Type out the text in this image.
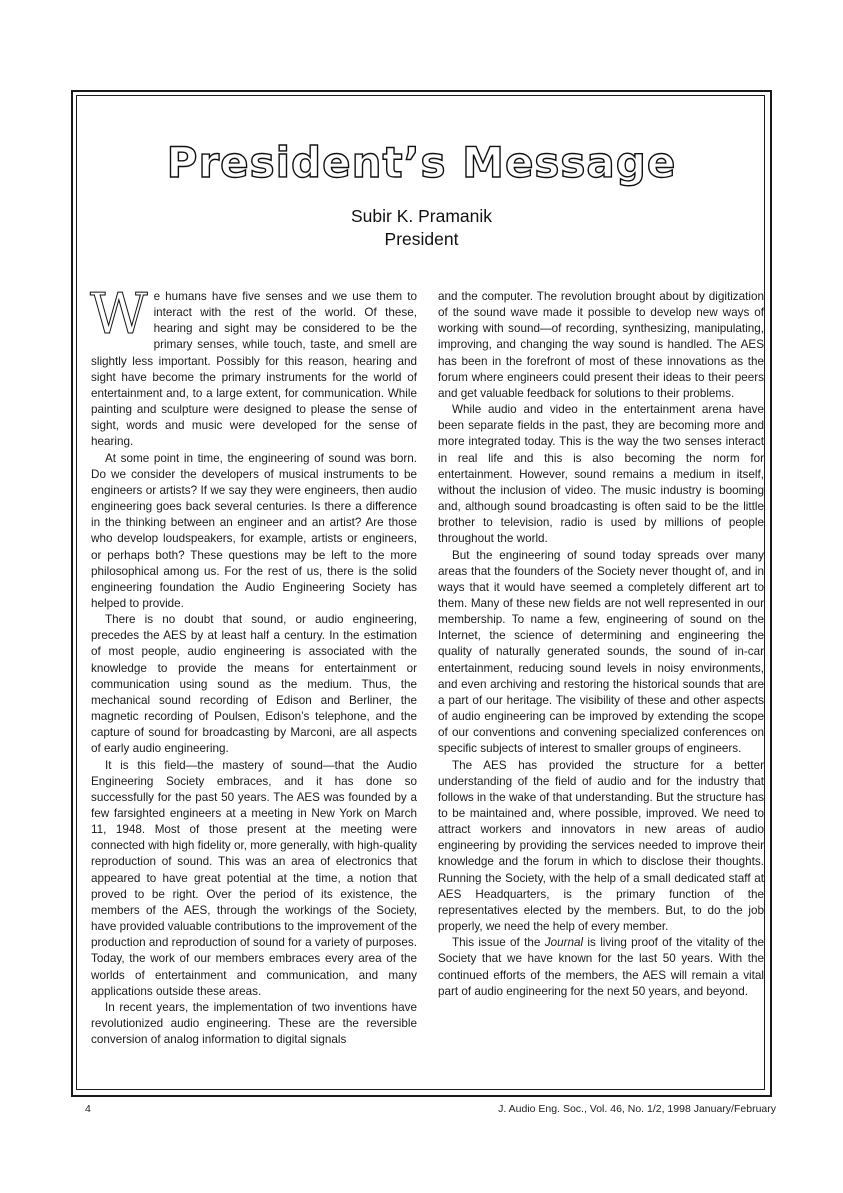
President’s Message
Subir K. Pramanik
President

We humans have five senses and we use them to interact with the rest of the world. Of these, hearing and sight may be considered to be the primary senses, while touch, taste, and smell are slightly less important. Possibly for this reason, hearing and sight have become the primary instruments for the world of entertainment and, to a large extent, for communication. While painting and sculpture were designed to please the sense of sight, words and music were developed for the sense of hearing.

At some point in time, the engineering of sound was born. Do we consider the developers of musical instruments to be engineers or artists? If we say they were engineers, then audio engineering goes back several centuries. Is there a difference in the thinking between an engineer and an artist? Are those who develop loudspeakers, for example, artists or engineers, or perhaps both? These questions may be left to the more philosophical among us. For the rest of us, there is the solid engineering foundation the Audio Engineering Society has helped to provide.

There is no doubt that sound, or audio engineering, precedes the AES by at least half a century. In the estimation of most people, audio engineering is associated with the knowledge to provide the means for entertainment or communication using sound as the medium. Thus, the mechanical sound recording of Edison and Berliner, the magnetic recording of Poulsen, Edison’s telephone, and the capture of sound for broadcasting by Marconi, are all aspects of early audio engineering.

It is this field—the mastery of sound—that the Audio Engineering Society embraces, and it has done so successfully for the past 50 years. The AES was founded by a few farsighted engineers at a meeting in New York on March 11, 1948. Most of those present at the meeting were connected with high fidelity or, more generally, with high-quality reproduction of sound. This was an area of electronics that appeared to have great potential at the time, a notion that proved to be right. Over the period of its existence, the members of the AES, through the workings of the Society, have provided valuable contributions to the improvement of the production and reproduction of sound for a variety of purposes. Today, the work of our members embraces every area of the worlds of entertainment and communication, and many applications outside these areas.

In recent years, the implementation of two inventions have revolutionized audio engineering. These are the reversible conversion of analog information to digital signals

and the computer. The revolution brought about by digitization of the sound wave made it possible to develop new ways of working with sound—of recording, synthesizing, manipulating, improving, and changing the way sound is handled. The AES has been in the forefront of most of these innovations as the forum where engineers could present their ideas to their peers and get valuable feedback for solutions to their problems.

While audio and video in the entertainment arena have been separate fields in the past, they are becoming more and more integrated today. This is the way the two senses interact in real life and this is also becoming the norm for entertainment. However, sound remains a medium in itself, without the inclusion of video. The music industry is booming and, although sound broadcasting is often said to be the little brother to television, radio is used by millions of people throughout the world.

But the engineering of sound today spreads over many areas that the founders of the Society never thought of, and in ways that it would have seemed a completely different art to them. Many of these new fields are not well represented in our membership. To name a few, engineering of sound on the Internet, the science of determining and engineering the quality of naturally generated sounds, the sound of in-car entertainment, reducing sound levels in noisy environments, and even archiving and restoring the historical sounds that are a part of our heritage. The visibility of these and other aspects of audio engineering can be improved by extending the scope of our conventions and convening specialized conferences on specific subjects of interest to smaller groups of engineers.

The AES has provided the structure for a better understanding of the field of audio and for the industry that follows in the wake of that understanding. But the structure has to be maintained and, where possible, improved. We need to attract workers and innovators in new areas of audio engineering by providing the services needed to improve their knowledge and the forum in which to disclose their thoughts. Running the Society, with the help of a small dedicated staff at AES Headquarters, is the primary function of the representatives elected by the members. But, to do the job properly, we need the help of every member.

This issue of the Journal is living proof of the vitality of the Society that we have known for the last 50 years. With the continued efforts of the members, the AES will remain a vital part of audio engineering for the next 50 years, and beyond.

4	J. Audio Eng. Soc., Vol. 46, No. 1/2, 1998 January/February
